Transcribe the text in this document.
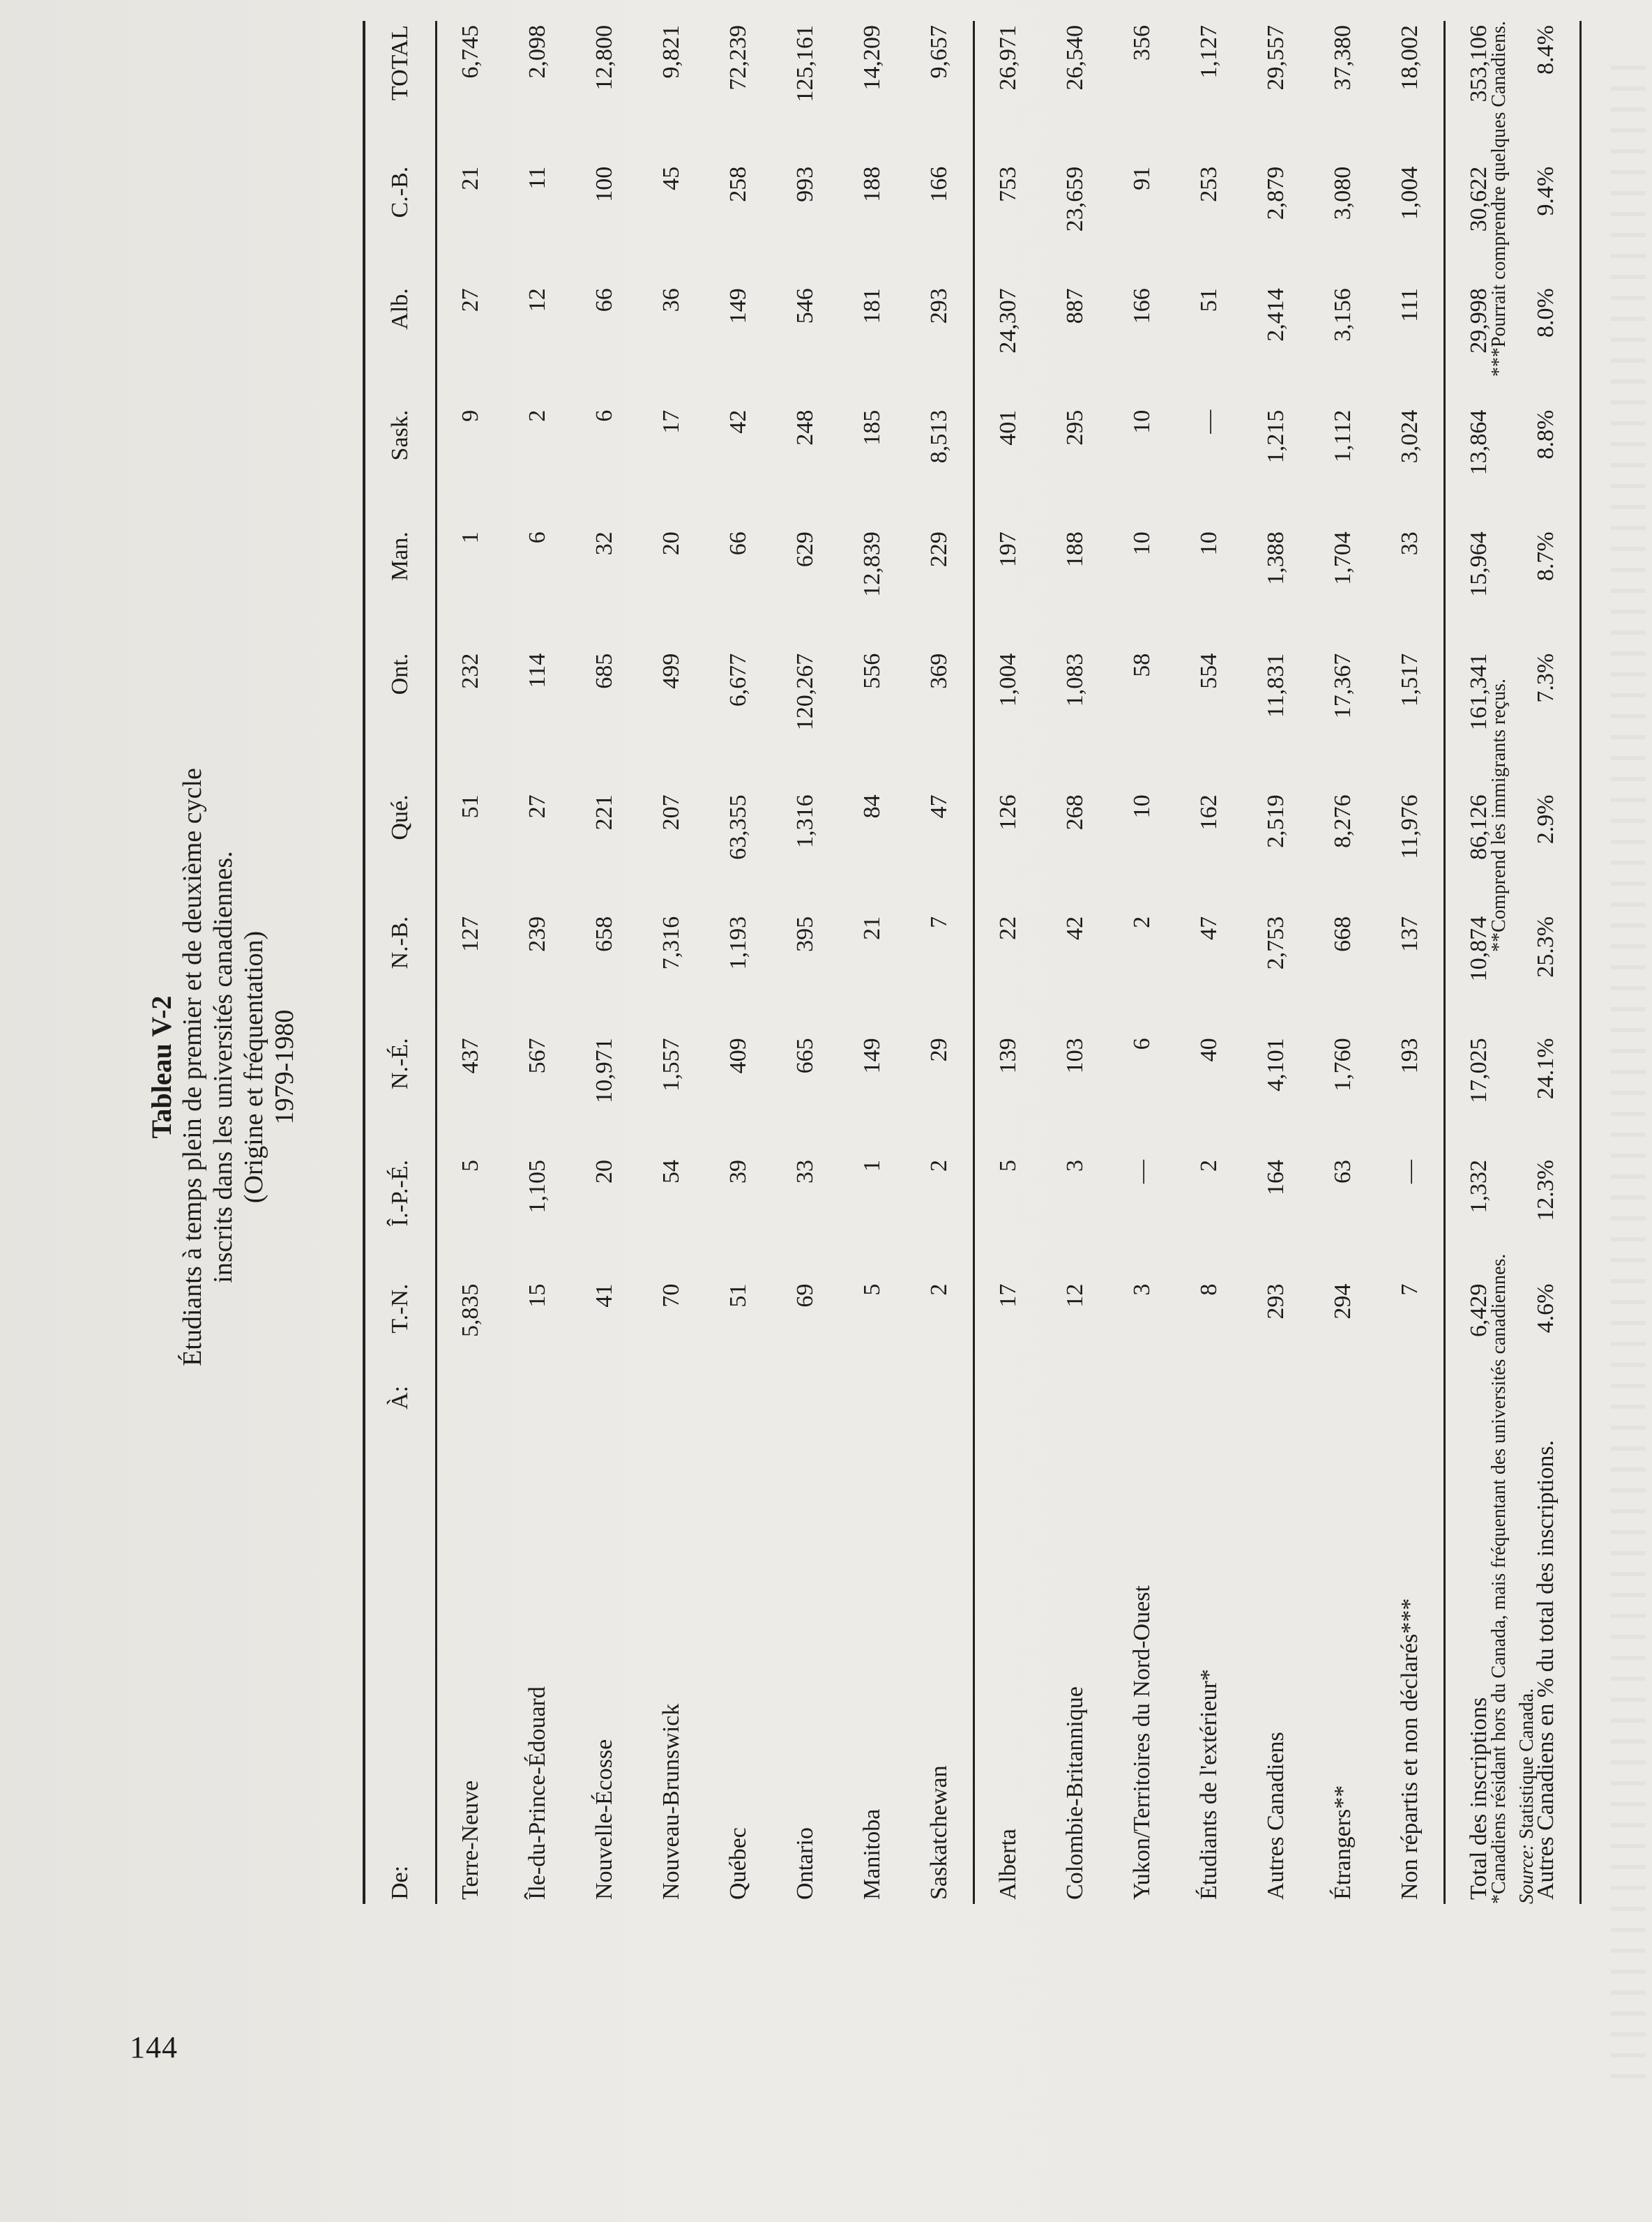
144
Tableau V-2 Étudiants à temps plein de premier et de deuxième cycle inscrits dans les universités canadiennes. (Origine et fréquentation) 1979-1980
De:	À:	T.-N.	Î.-P.-É.	N.-É.	N.-B.	Qué.	Ont.	Man.	Sask.	Alb.	C.-B.	TOTAL
Terre-Neuve		5,835	5	437	127	51	232	1	9	27	21	6,745
Île-du-Prince-Édouard		15	1,105	567	239	27	114	6	2	12	11	2,098
Nouvelle-Écosse		41	20	10,971	658	221	685	32	6	66	100	12,800
Nouveau-Brunswick		70	54	1,557	7,316	207	499	20	17	36	45	9,821
Québec		51	39	409	1,193	63,355	6,677	66	42	149	258	72,239
Ontario		69	33	665	395	1,316	120,267	629	248	546	993	125,161
Manitoba		5	1	149	21	84	556	12,839	185	181	188	14,209
Saskatchewan		2	2	29	7	47	369	229	8,513	293	166	9,657
Alberta		17	5	139	22	126	1,004	197	401	24,307	753	26,971
Colombie-Britannique		12	3	103	42	268	1,083	188	295	887	23,659	26,540
Yukon/Territoires du Nord-Ouest		3	—	6	2	10	58	10	10	166	91	356
Étudiants de l'extérieur*		8	2	40	47	162	554	10	—	51	253	1,127
Autres Canadiens		293	164	4,101	2,753	2,519	11,831	1,388	1,215	2,414	2,879	29,557
Étrangers**		294	63	1,760	668	8,276	17,367	1,704	1,112	3,156	3,080	37,380
Non répartis et non déclarés***		7	—	193	137	11,976	1,517	33	3,024	111	1,004	18,002
Total des inscriptions		6,429	1,332	17,025	10,874	86,126	161,341	15,964	13,864	29,998	30,622	353,106
Autres Canadiens en % du total des inscriptions.		4.6%	12.3%	24.1%	25.3%	2.9%	7.3%	8.7%	8.8%	8.0%	9.4%	8.4%
*Canadiens résidant hors du Canada, mais fréquentant des universités canadiennes.
**Comprend les immigrants reçus.
***Pourrait comprendre quelques Canadiens.
Source: Statistique Canada.
